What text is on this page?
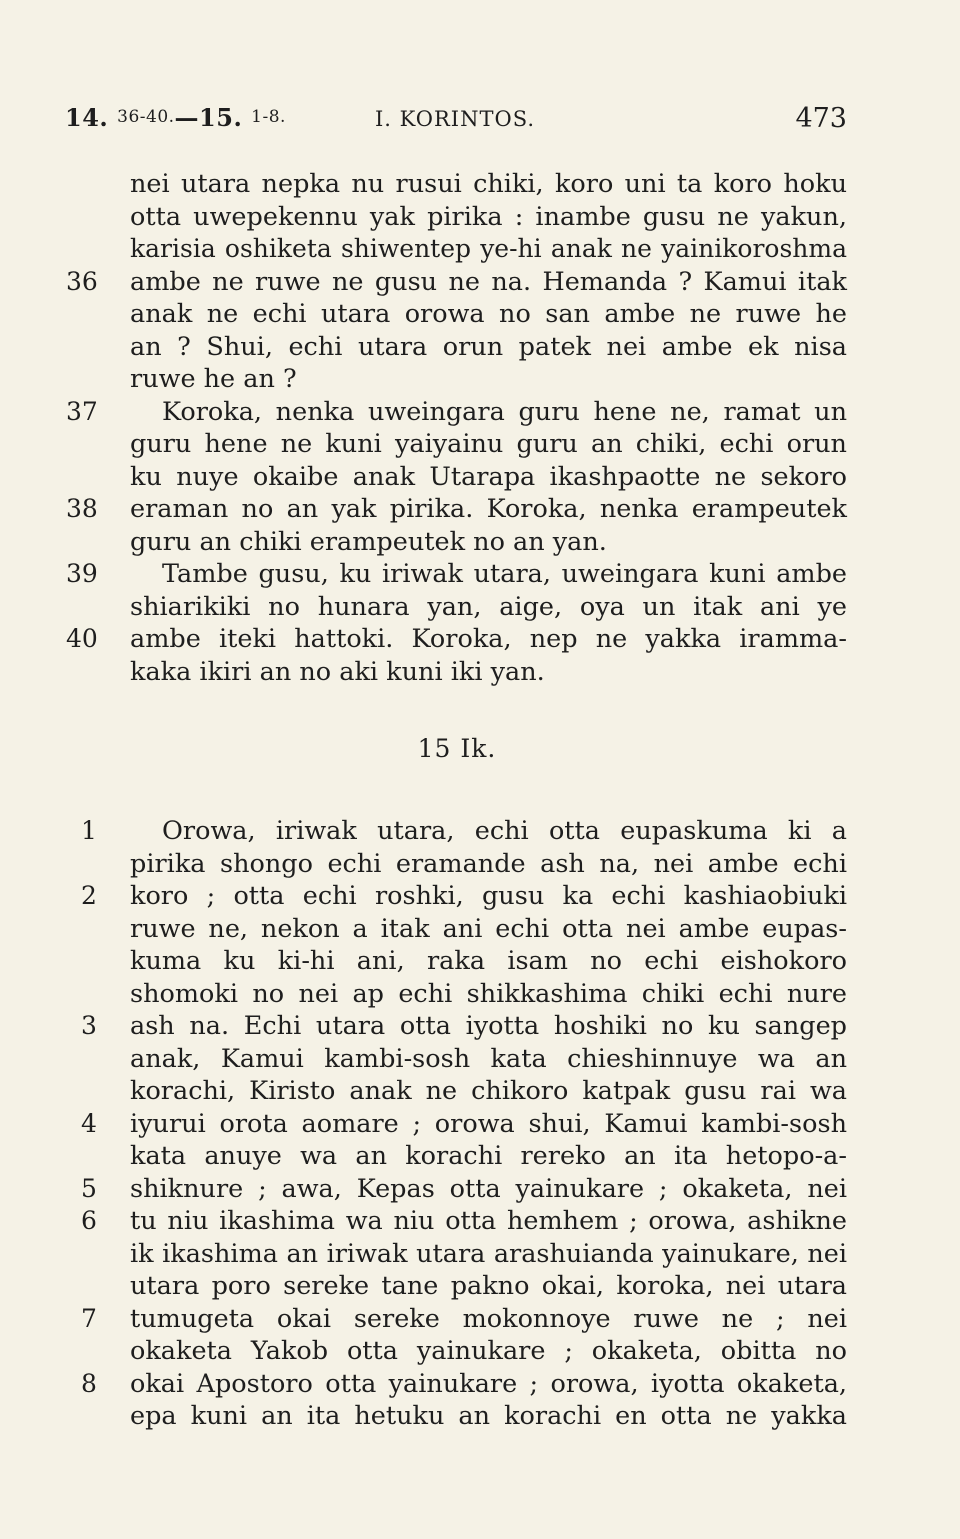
14. 36-40.—15. 1-8.	I. KORINTOS.	473
nei utara nepka nu rusui chiki, koro uni ta koro hoku
otta uwepekennu yak pirika : inambe gusu ne yakun,
karisia oshiketa shiwentep ye-hi anak ne yainikoroshma
ambe ne ruwe ne gusu ne na. Hemanda ? Kamui itak
anak ne echi utara orowa no san ambe ne ruwe he
an ? Shui, echi utara orun patek nei ambe ek nisa
ruwe he an ?
Koroka, nenka uweingara guru hene ne, ramat un
guru hene ne kuni yaiyainu guru an chiki, echi orun
ku nuye okaibe anak Utarapa ikashpaotte ne sekoro
eraman no an yak pirika. Koroka, nenka erampeutek
guru an chiki erampeutek no an yan.
Tambe gusu, ku iriwak utara, uweingara kuni ambe
shiarikiki no hunara yan, aige, oya un itak ani ye
ambe iteki hattoki. Koroka, nep ne yakka iramma-
kaka ikiri an no aki kuni iki yan.
36
37
38
39
40
15 Ik.
Orowa, iriwak utara, echi otta eupaskuma ki a
pirika shongo echi eramande ash na, nei ambe echi
koro ; otta echi roshki, gusu ka echi kashiaobiuki
ruwe ne, nekon a itak ani echi otta nei ambe eupas-
kuma ku ki-hi ani, raka isam no echi eishokoro
shomoki no nei ap echi shikkashima chiki echi nure
ash na. Echi utara otta iyotta hoshiki no ku sangep
anak, Kamui kambi-sosh kata chieshinnuye wa an
korachi, Kiristo anak ne chikoro katpak gusu rai wa
iyurui orota aomare ; orowa shui, Kamui kambi-sosh
kata anuye wa an korachi rereko an ita hetopo-a-
shiknure ; awa, Kepas otta yainukare ; okaketa, nei
tu niu ikashima wa niu otta hemhem ; orowa, ashikne
ik ikashima an iriwak utara arashuianda yainukare, nei
utara poro sereke tane pakno okai, koroka, nei utara
tumugeta okai sereke mokonnoye ruwe ne ; nei
okaketa Yakob otta yainukare ; okaketa, obitta no
okai Apostoro otta yainukare ; orowa, iyotta okaketa,
epa kuni an ita hetuku an korachi en otta ne yakka
1
2
3
4
5
6
7
8
